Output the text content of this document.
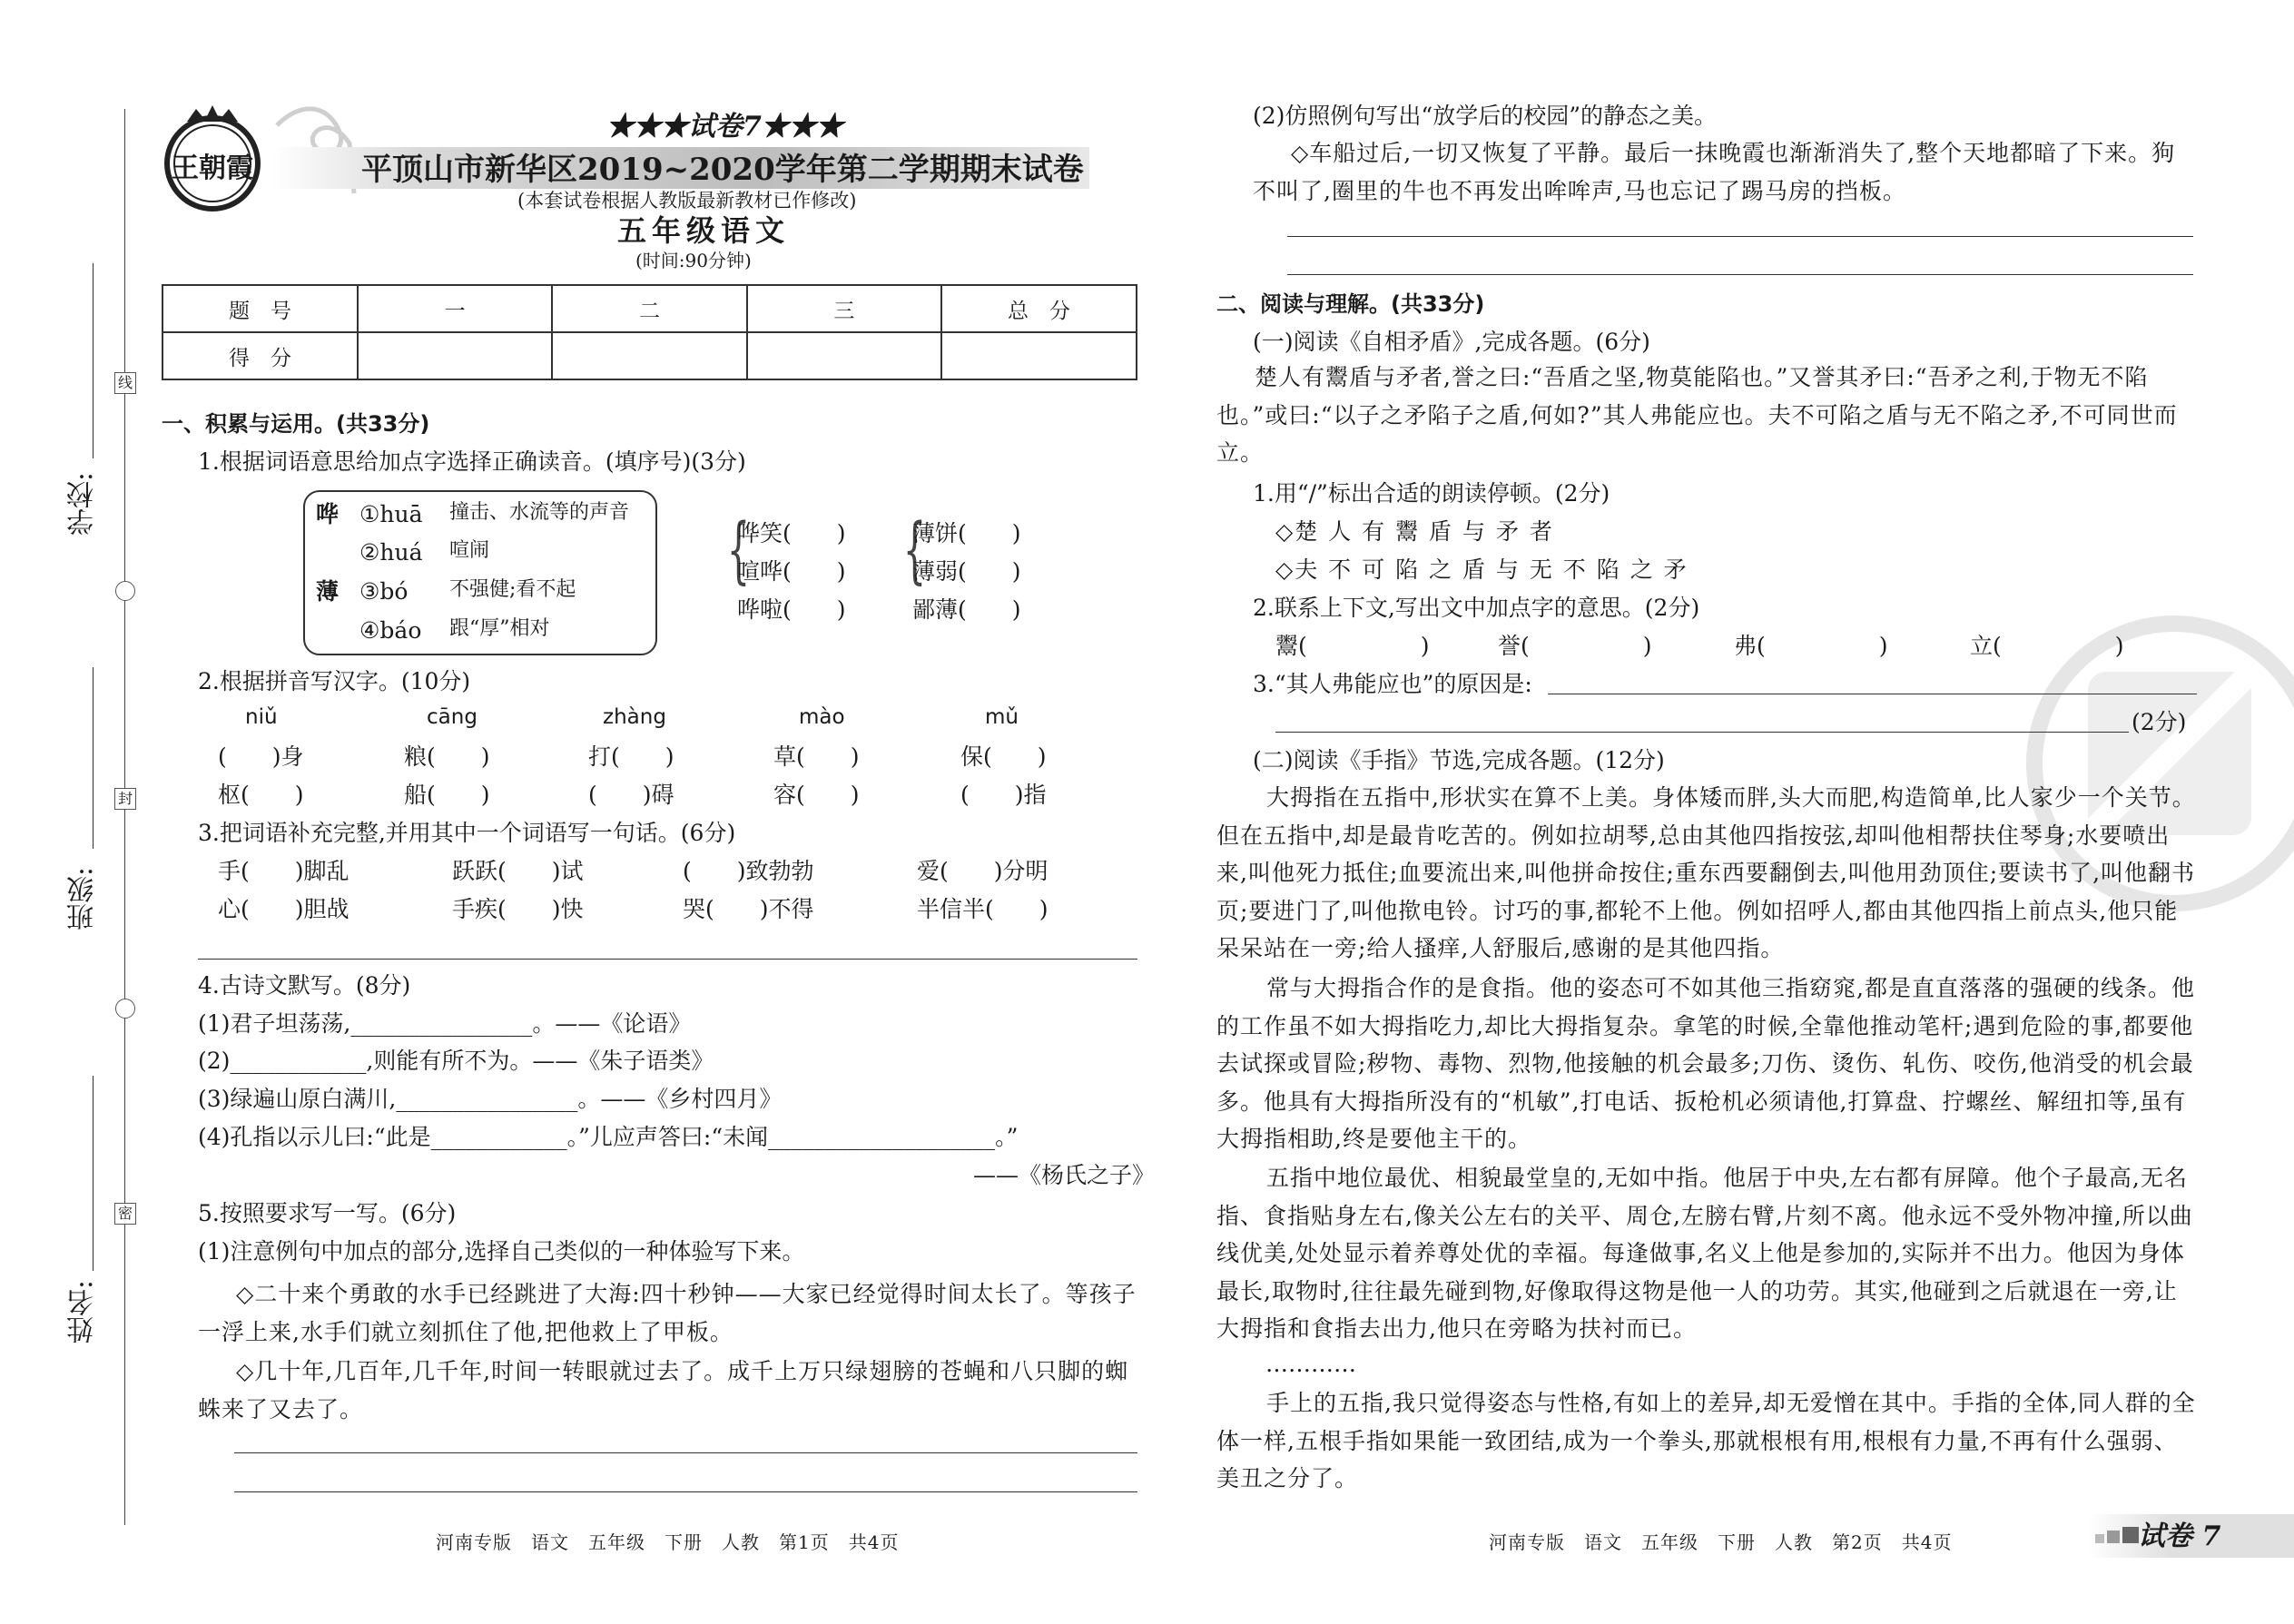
王朝霞
★★★试卷7★★★
平顶山市新华区2019~2020学年第二学期期末试卷
(本套试卷根据人教版最新教材已作修改)
五年级语文
(时间:90分钟)
题　号	一	二	三	总　分
得　分				
线
封
密
学校:
班级:
姓名:
一、积累与运用。(共33分)
1.根据词语意思给加点字选择正确读音。(填序号)(3分)
哗 ①huā 撞击、水流等的声音
②huá 喧闹
薄 ③bó 不强健;看不起
④báo 跟“厚”相对
{
哗笑(　　)
喧哗(　　)
哗啦(　　)
{
薄饼(　　)
薄弱(　　)
鄙薄(　　)
2.根据拼音写汉字。(10分)
niǔ	cāng	zhàng	mào	mǔ
(　　)身	粮(　　)	打(　　)	草(　　)	保(　　)
枢(　　)	船(　　)	(　　)碍	容(　　)	(　　)指
3.把词语补充完整,并用其中一个词语写一句话。(6分)
手(　　)脚乱	跃跃(　　)试	(　　)致勃勃	爱(　　)分明
心(　　)胆战	手疾(　　)快	哭(　　)不得	半信半(　　)
4.古诗文默写。(8分)
(1)君子坦荡荡,________________。——《论语》
(2)____________,则能有所不为。——《朱子语类》
(3)绿遍山原白满川,________________。——《乡村四月》
(4)孔指以示儿曰:“此是____________。”儿应声答曰:“未闻____________________。”
——《杨氏之子》
5.按照要求写一写。(6分)
(1)注意例句中加点的部分,选择自己类似的一种体验写下来。
◇二十来个勇敢的水手已经跳进了大海:四十秒钟——大家已经觉得时间太长了。等孩子一浮上来,水手们就立刻抓住了他,把他救上了甲板。
◇几十年,几百年,几千年,时间一转眼就过去了。成千上万只绿翅膀的苍蝇和八只脚的蜘蛛来了又去了。
河南专版　语文　五年级　下册　人教　第1页　共4页
(2)仿照例句写出“放学后的校园”的静态之美。
◇车船过后,一切又恢复了平静。最后一抹晚霞也渐渐消失了,整个天地都暗了下来。狗不叫了,圈里的牛也不再发出哞哞声,马也忘记了踢马房的挡板。
二、阅读与理解。(共33分)
(一)阅读《自相矛盾》,完成各题。(6分)
楚人有鬻盾与矛者,誉之曰:“吾盾之坚,物莫能陷也。”又誉其矛曰:“吾矛之利,于物无不陷也。”或曰:“以子之矛陷子之盾,何如?”其人弗能应也。夫不可陷之盾与无不陷之矛,不可同世而立。
1.用“/”标出合适的朗读停顿。(2分)
◇楚 人 有 鬻 盾 与 矛 者
◇夫 不 可 陷 之 盾 与 无 不 陷 之 矛
2.联系上下文,写出文中加点字的意思。(2分)
鬻(　　　　　)	誉(　　　　　)	弗(　　　　　)	立(　　　　　)
3.“其人弗能应也”的原因是:
(2分)
(二)阅读《手指》节选,完成各题。(12分)
大拇指在五指中,形状实在算不上美。身体矮而胖,头大而肥,构造简单,比人家少一个关节。但在五指中,却是最肯吃苦的。例如拉胡琴,总由其他四指按弦,却叫他相帮扶住琴身;水要喷出来,叫他死力抵住;血要流出来,叫他拼命按住;重东西要翻倒去,叫他用劲顶住;要读书了,叫他翻书页;要进门了,叫他揿电铃。讨巧的事,都轮不上他。例如招呼人,都由其他四指上前点头,他只能呆呆站在一旁;给人搔痒,人舒服后,感谢的是其他四指。
常与大拇指合作的是食指。他的姿态可不如其他三指窈窕,都是直直落落的强硬的线条。他的工作虽不如大拇指吃力,却比大拇指复杂。拿笔的时候,全靠他推动笔杆;遇到危险的事,都要他去试探或冒险;秽物、毒物、烈物,他接触的机会最多;刀伤、烫伤、轧伤、咬伤,他消受的机会最多。他具有大拇指所没有的“机敏”,打电话、扳枪机必须请他,打算盘、拧螺丝、解纽扣等,虽有大拇指相助,终是要他主干的。
五指中地位最优、相貌最堂皇的,无如中指。他居于中央,左右都有屏障。他个子最高,无名指、食指贴身左右,像关公左右的关平、周仓,左膀右臂,片刻不离。他永远不受外物冲撞,所以曲线优美,处处显示着养尊处优的幸福。每逢做事,名义上他是参加的,实际并不出力。他因为身体最长,取物时,往往最先碰到物,好像取得这物是他一人的功劳。其实,他碰到之后就退在一旁,让大拇指和食指去出力,他只在旁略为扶衬而已。
…………
手上的五指,我只觉得姿态与性格,有如上的差异,却无爱憎在其中。手指的全体,同人群的全体一样,五根手指如果能一致团结,成为一个拳头,那就根根有用,根根有力量,不再有什么强弱、美丑之分了。
河南专版　语文　五年级　下册　人教　第2页　共4页	试卷 7
